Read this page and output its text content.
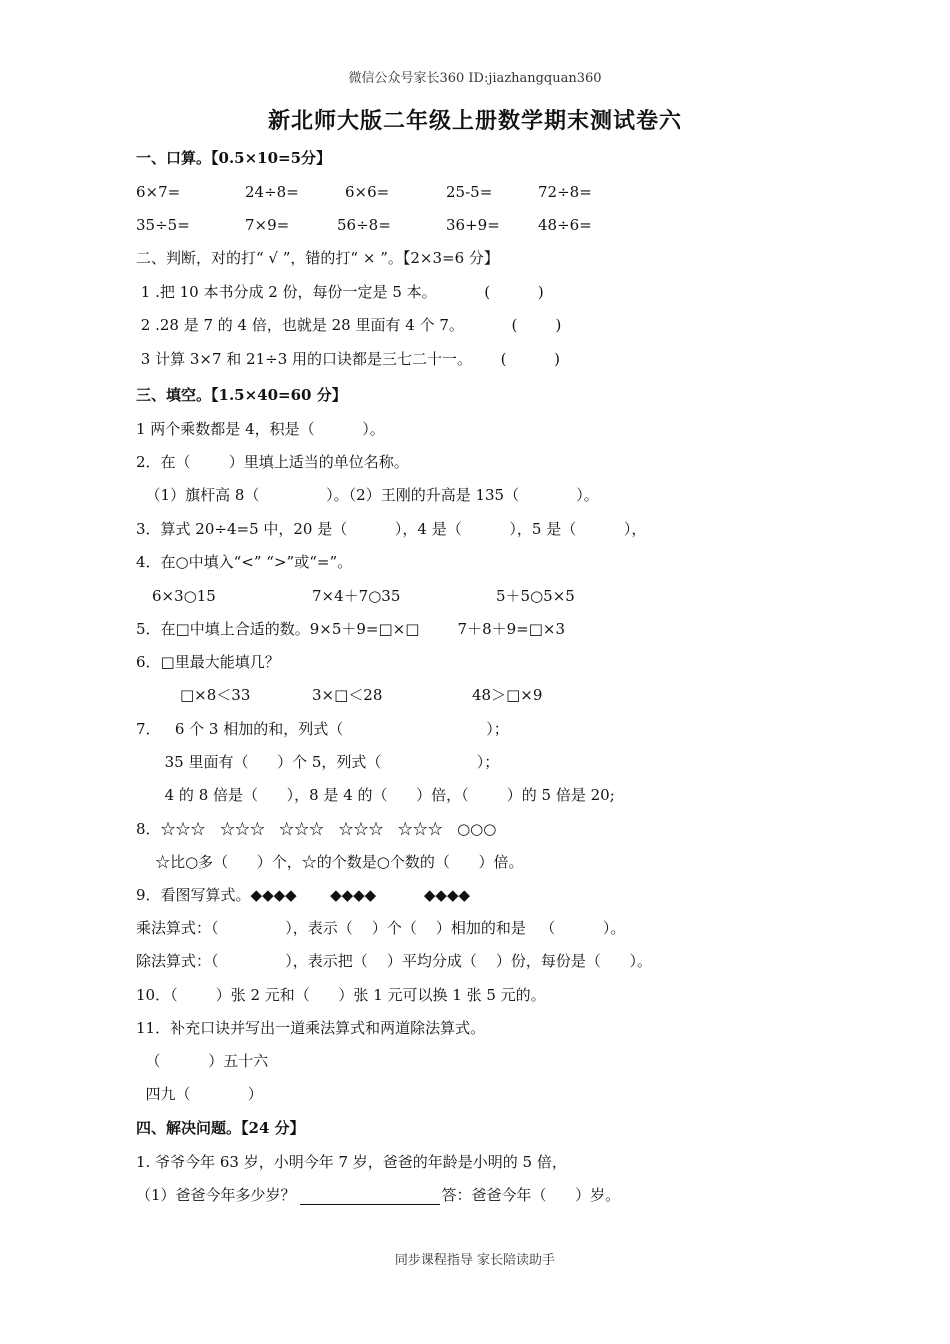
微信公众号家长360 ID:jiazhangquan360
新北师大版二年级上册数学期末测试卷六
一、口算。【0.5×10=5分】
6×7=	24÷8=	6×6=	25-5=	72÷8=
35÷5=	7×9=	56÷8=	36+9=	48÷6=
二、判断，对的打“ √ ”，错的打“ × ”。【2×3=6 分】
1 .把 10 本书分成 2 份，每份一定是 5 本。          (          )
2 .28 是 7 的 4 倍，也就是 28 里面有 4 个 7。          (        )
3 计算 3×7 和 21÷3 用的口诀都是三七二十一。      (          )
三、填空。【1.5×40=60 分】
1 两个乘数都是 4，积是（          ）。
2．在（        ）里填上适当的单位名称。
（1）旗杆高 8（              ）。（2）王刚的升高是 135（            ）。
3．算式 20÷4=5 中，20 是（          ），4 是（          ），5 是（          ），
4．在○中填入“<” “>”或“=”。
6×3○15	7×4＋7○35	5＋5○5×5
5．在□中填上合适的数。9×5＋9=□×□        7＋8＋9=□×3
6．□里最大能填几？
□×8＜33	3×□＜28	48＞□×9
7．   6 个 3 相加的和，列式（                              ）；
35 里面有（      ）个 5，列式（                    ）；
4 的 8 倍是（      ），8 是 4 的（      ）倍，（        ）的 5 倍是 20;
8．☆☆☆   ☆☆☆   ☆☆☆   ☆☆☆   ☆☆☆   ○○○
☆比○多（      ）个，☆的个数是○个数的（      ）倍。
9．看图写算式。◆◆◆◆       ◆◆◆◆          ◆◆◆◆
乘法算式：（              ），表示（    ）个（    ）相加的和是   （          ）。
除法算式：（              ），表示把（    ）平均分成（    ）份，每份是（      ）。
10．（        ）张 2 元和（      ）张 1 元可以换 1 张 5 元的。
11．补充口诀并写出一道乘法算式和两道除法算式。
（          ）五十六
四九（            ）
四、解决问题。【24 分】
1. 爷爷今年 63 岁，小明今年 7 岁，爸爸的年龄是小明的 5 倍，
（1）爸爸今年多少岁？	答：爸爸今年（      ）岁。
同步课程指导 家长陪读助手
